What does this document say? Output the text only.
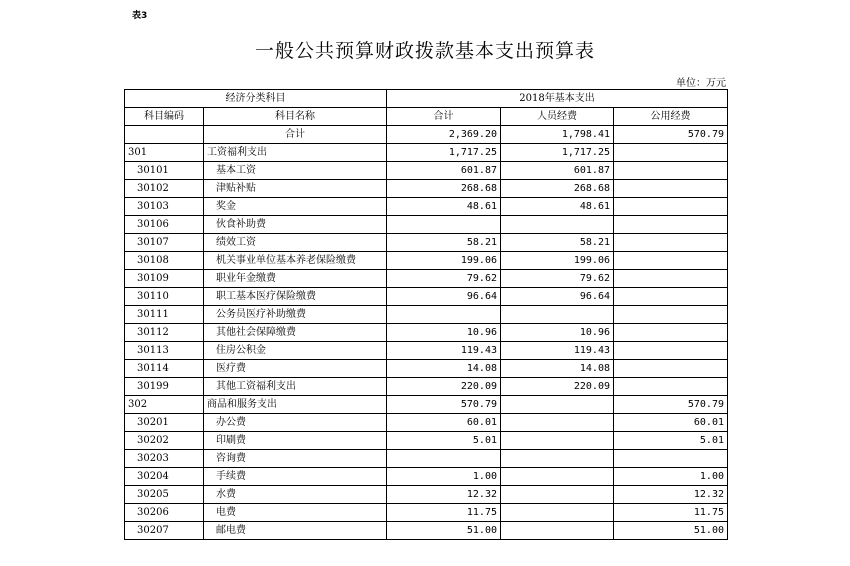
表3
一般公共预算财政拨款基本支出预算表
单位：万元
经济分类科目		2018年基本支出		
科目编码	科目名称	合计	人员经费	公用经费
	合计	2,369.20	1,798.41	570.79
301	工资福利支出	1,717.25	1,717.25	
30101	基本工资	601.87	601.87	
30102	津贴补贴	268.68	268.68	
30103	奖金	48.61	48.61	
30106	伙食补助费			
30107	绩效工资	58.21	58.21	
30108	机关事业单位基本养老保险缴费	199.06	199.06	
30109	职业年金缴费	79.62	79.62	
30110	职工基本医疗保险缴费	96.64	96.64	
30111	公务员医疗补助缴费			
30112	其他社会保障缴费	10.96	10.96	
30113	住房公积金	119.43	119.43	
30114	医疗费	14.08	14.08	
30199	其他工资福利支出	220.09	220.09	
302	商品和服务支出	570.79		570.79
30201	办公费	60.01		60.01
30202	印刷费	5.01		5.01
30203	咨询费			
30204	手续费	1.00		1.00
30205	水费	12.32		12.32
30206	电费	11.75		11.75
30207	邮电费	51.00		51.00
